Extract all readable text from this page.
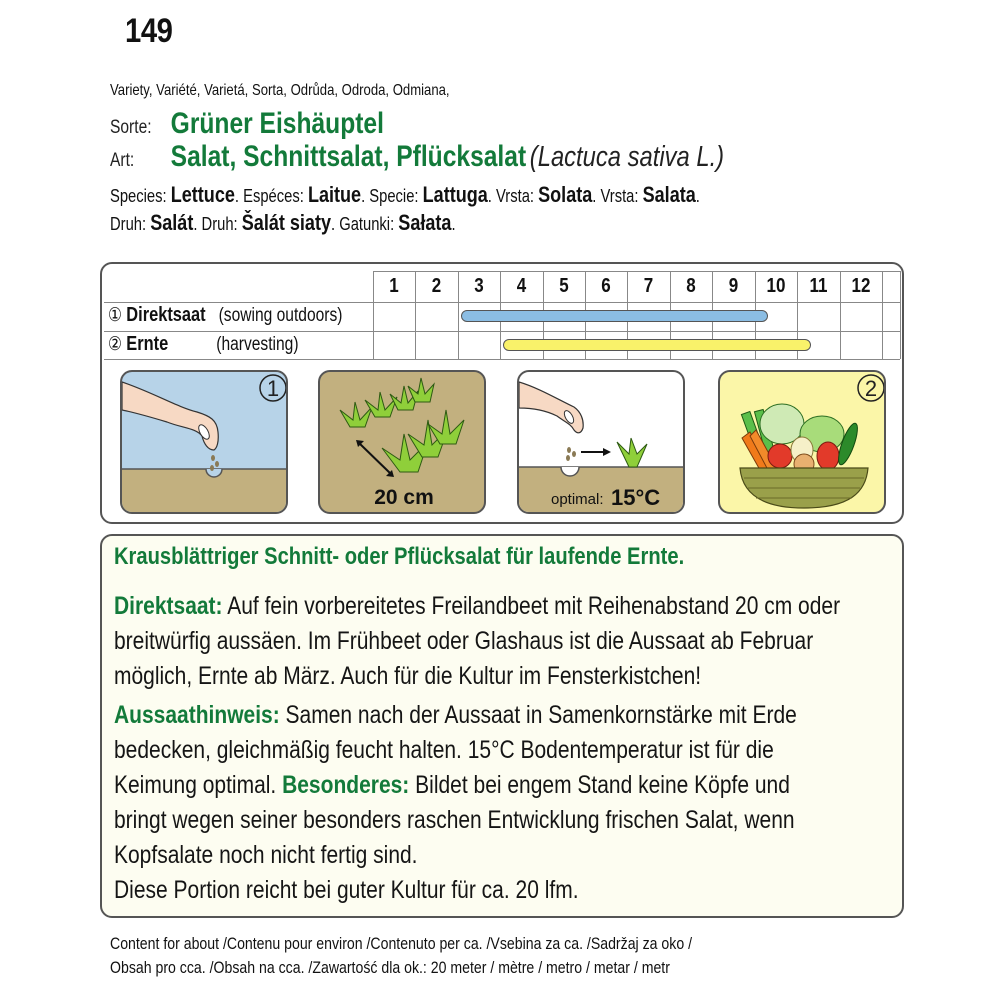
149
Variety, Variété, Varietá, Sorta, Odrůda, Odroda, Odmiana,
Sorte: Grüner Eishäuptel
Art: Salat, Schnittsalat, Pflücksalat (Lactuca sativa L.)
Species: Lettuce. Espéces: Laitue. Specie: Lattuga. Vrsta: Solata. Vrsta: Salata.
Druh: Salát. Druh: Šalát siaty. Gatunki: Sałata.
1	2	3	4	5	6	7	8	9	10	11	12
① Direktsaat (sowing outdoors)
② Ernte	(harvesting)
1
20 cm	optimal: 15°C
2
Krausblättriger Schnitt- oder Pflücksalat für laufende Ernte.
Direktsaat: Auf fein vorbereitetes Freilandbeet mit Reihenabstand 20 cm oder
breitwürfig aussäen. Im Frühbeet oder Glashaus ist die Aussaat ab Februar
möglich, Ernte ab März. Auch für die Kultur im Fensterkistchen!
Aussaathinweis: Samen nach der Aussaat in Samenkornstärke mit Erde
bedecken, gleichmäßig feucht halten. 15°C Bodentemperatur ist für die
Keimung optimal. Besonderes: Bildet bei engem Stand keine Köpfe und
bringt wegen seiner besonders raschen Entwicklung frischen Salat, wenn
Kopfsalate noch nicht fertig sind.
Diese Portion reicht bei guter Kultur für ca. 20 lfm.
Content for about /Contenu pour environ /Contenuto per ca. /Vsebina za ca. /Sadržaj za oko /
Obsah pro cca. /Obsah na cca. /Zawartość dla ok.: 20 meter / mètre / metro / metar / metr
